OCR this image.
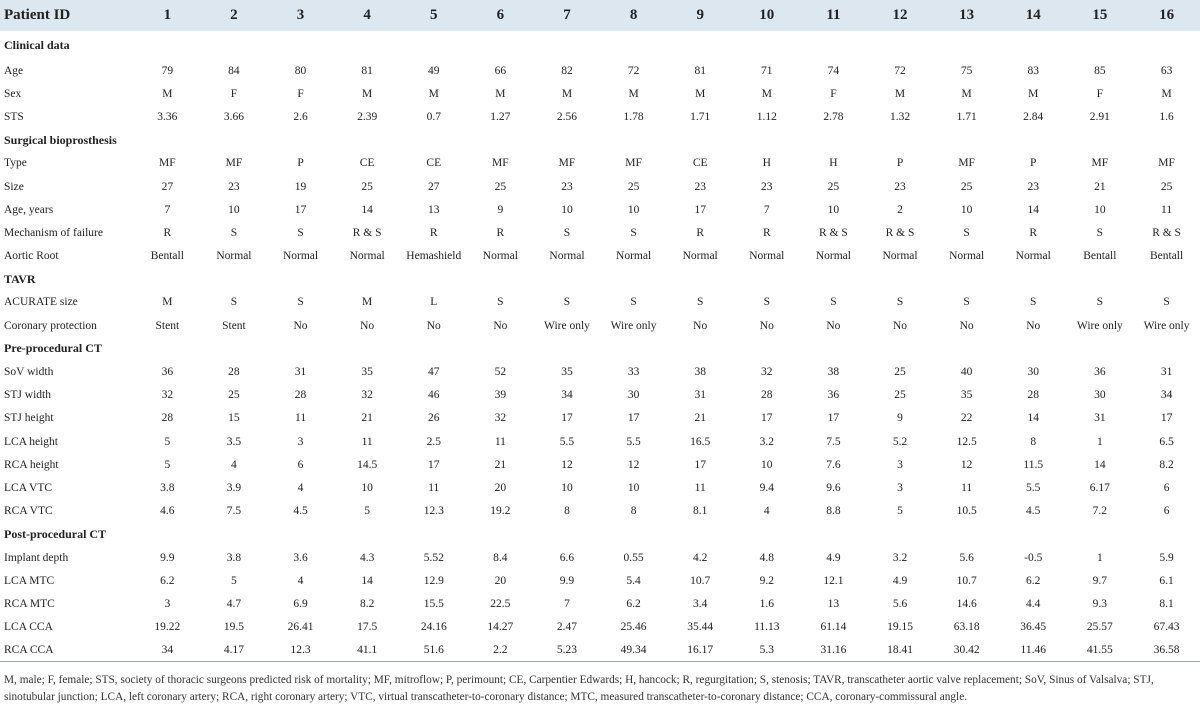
Patient ID	1	2	3	4	5	6	7	8	9	10	11	12	13	14	15	16
Clinical data																
Age	79	84	80	81	49	66	82	72	81	71	74	72	75	83	85	63
Sex	M	F	F	M	M	M	M	M	M	M	F	M	M	M	F	M
STS	3.36	3.66	2.6	2.39	0.7	1.27	2.56	1.78	1.71	1.12	2.78	1.32	1.71	2.84	2.91	1.6
Surgical bioprosthesis																
Type	MF	MF	P	CE	CE	MF	MF	MF	CE	H	H	P	MF	P	MF	MF
Size	27	23	19	25	27	25	23	25	23	23	25	23	25	23	21	25
Age, years	7	10	17	14	13	9	10	10	17	7	10	2	10	14	10	11
Mechanism of failure	R	S	S	R & S	R	R	S	S	R	R	R & S	R & S	S	R	S	R & S
Aortic Root	Bentall	Normal	Normal	Normal	Hemashield	Normal	Normal	Normal	Normal	Normal	Normal	Normal	Normal	Normal	Bentall	Bentall
TAVR																
ACURATE size	M	S	S	M	L	S	S	S	S	S	S	S	S	S	S	S
Coronary protection	Stent	Stent	No	No	No	No	Wire only	Wire only	No	No	No	No	No	No	Wire only	Wire only
Pre-procedural CT																
SoV width	36	28	31	35	47	52	35	33	38	32	38	25	40	30	36	31
STJ width	32	25	28	32	46	39	34	30	31	28	36	25	35	28	30	34
STJ height	28	15	11	21	26	32	17	17	21	17	17	9	22	14	31	17
LCA height	5	3.5	3	11	2.5	11	5.5	5.5	16.5	3.2	7.5	5.2	12.5	8	1	6.5
RCA height	5	4	6	14.5	17	21	12	12	17	10	7.6	3	12	11.5	14	8.2
LCA VTC	3.8	3.9	4	10	11	20	10	10	11	9.4	9.6	3	11	5.5	6.17	6
RCA VTC	4.6	7.5	4.5	5	12.3	19.2	8	8	8.1	4	8.8	5	10.5	4.5	7.2	6
Post-procedural CT																
Implant depth	9.9	3.8	3.6	4.3	5.52	8.4	6.6	0.55	4.2	4.8	4.9	3.2	5.6	-0.5	1	5.9
LCA MTC	6.2	5	4	14	12.9	20	9.9	5.4	10.7	9.2	12.1	4.9	10.7	6.2	9.7	6.1
RCA MTC	3	4.7	6.9	8.2	15.5	22.5	7	6.2	3.4	1.6	13	5.6	14.6	4.4	9.3	8.1
LCA CCA	19.22	19.5	26.41	17.5	24.16	14.27	2.47	25.46	35.44	11.13	61.14	19.15	63.18	36.45	25.57	67.43
RCA CCA	34	4.17	12.3	41.1	51.6	2.2	5.23	49.34	16.17	5.3	31.16	18.41	30.42	11.46	41.55	36.58
M, male; F, female; STS, society of thoracic surgeons predicted risk of mortality; MF, mitroflow; P, perimount; CE, Carpentier Edwards; H, hancock; R, regurgitation; S, stenosis; TAVR, transcatheter aortic valve replacement; SoV, Sinus of Valsalva; STJ, sinotubular junction; LCA, left coronary artery; RCA, right coronary artery; VTC, virtual transcatheter-to-coronary distance; MTC, measured transcatheter-to-coronary distance; CCA, coronary-commissural angle.
